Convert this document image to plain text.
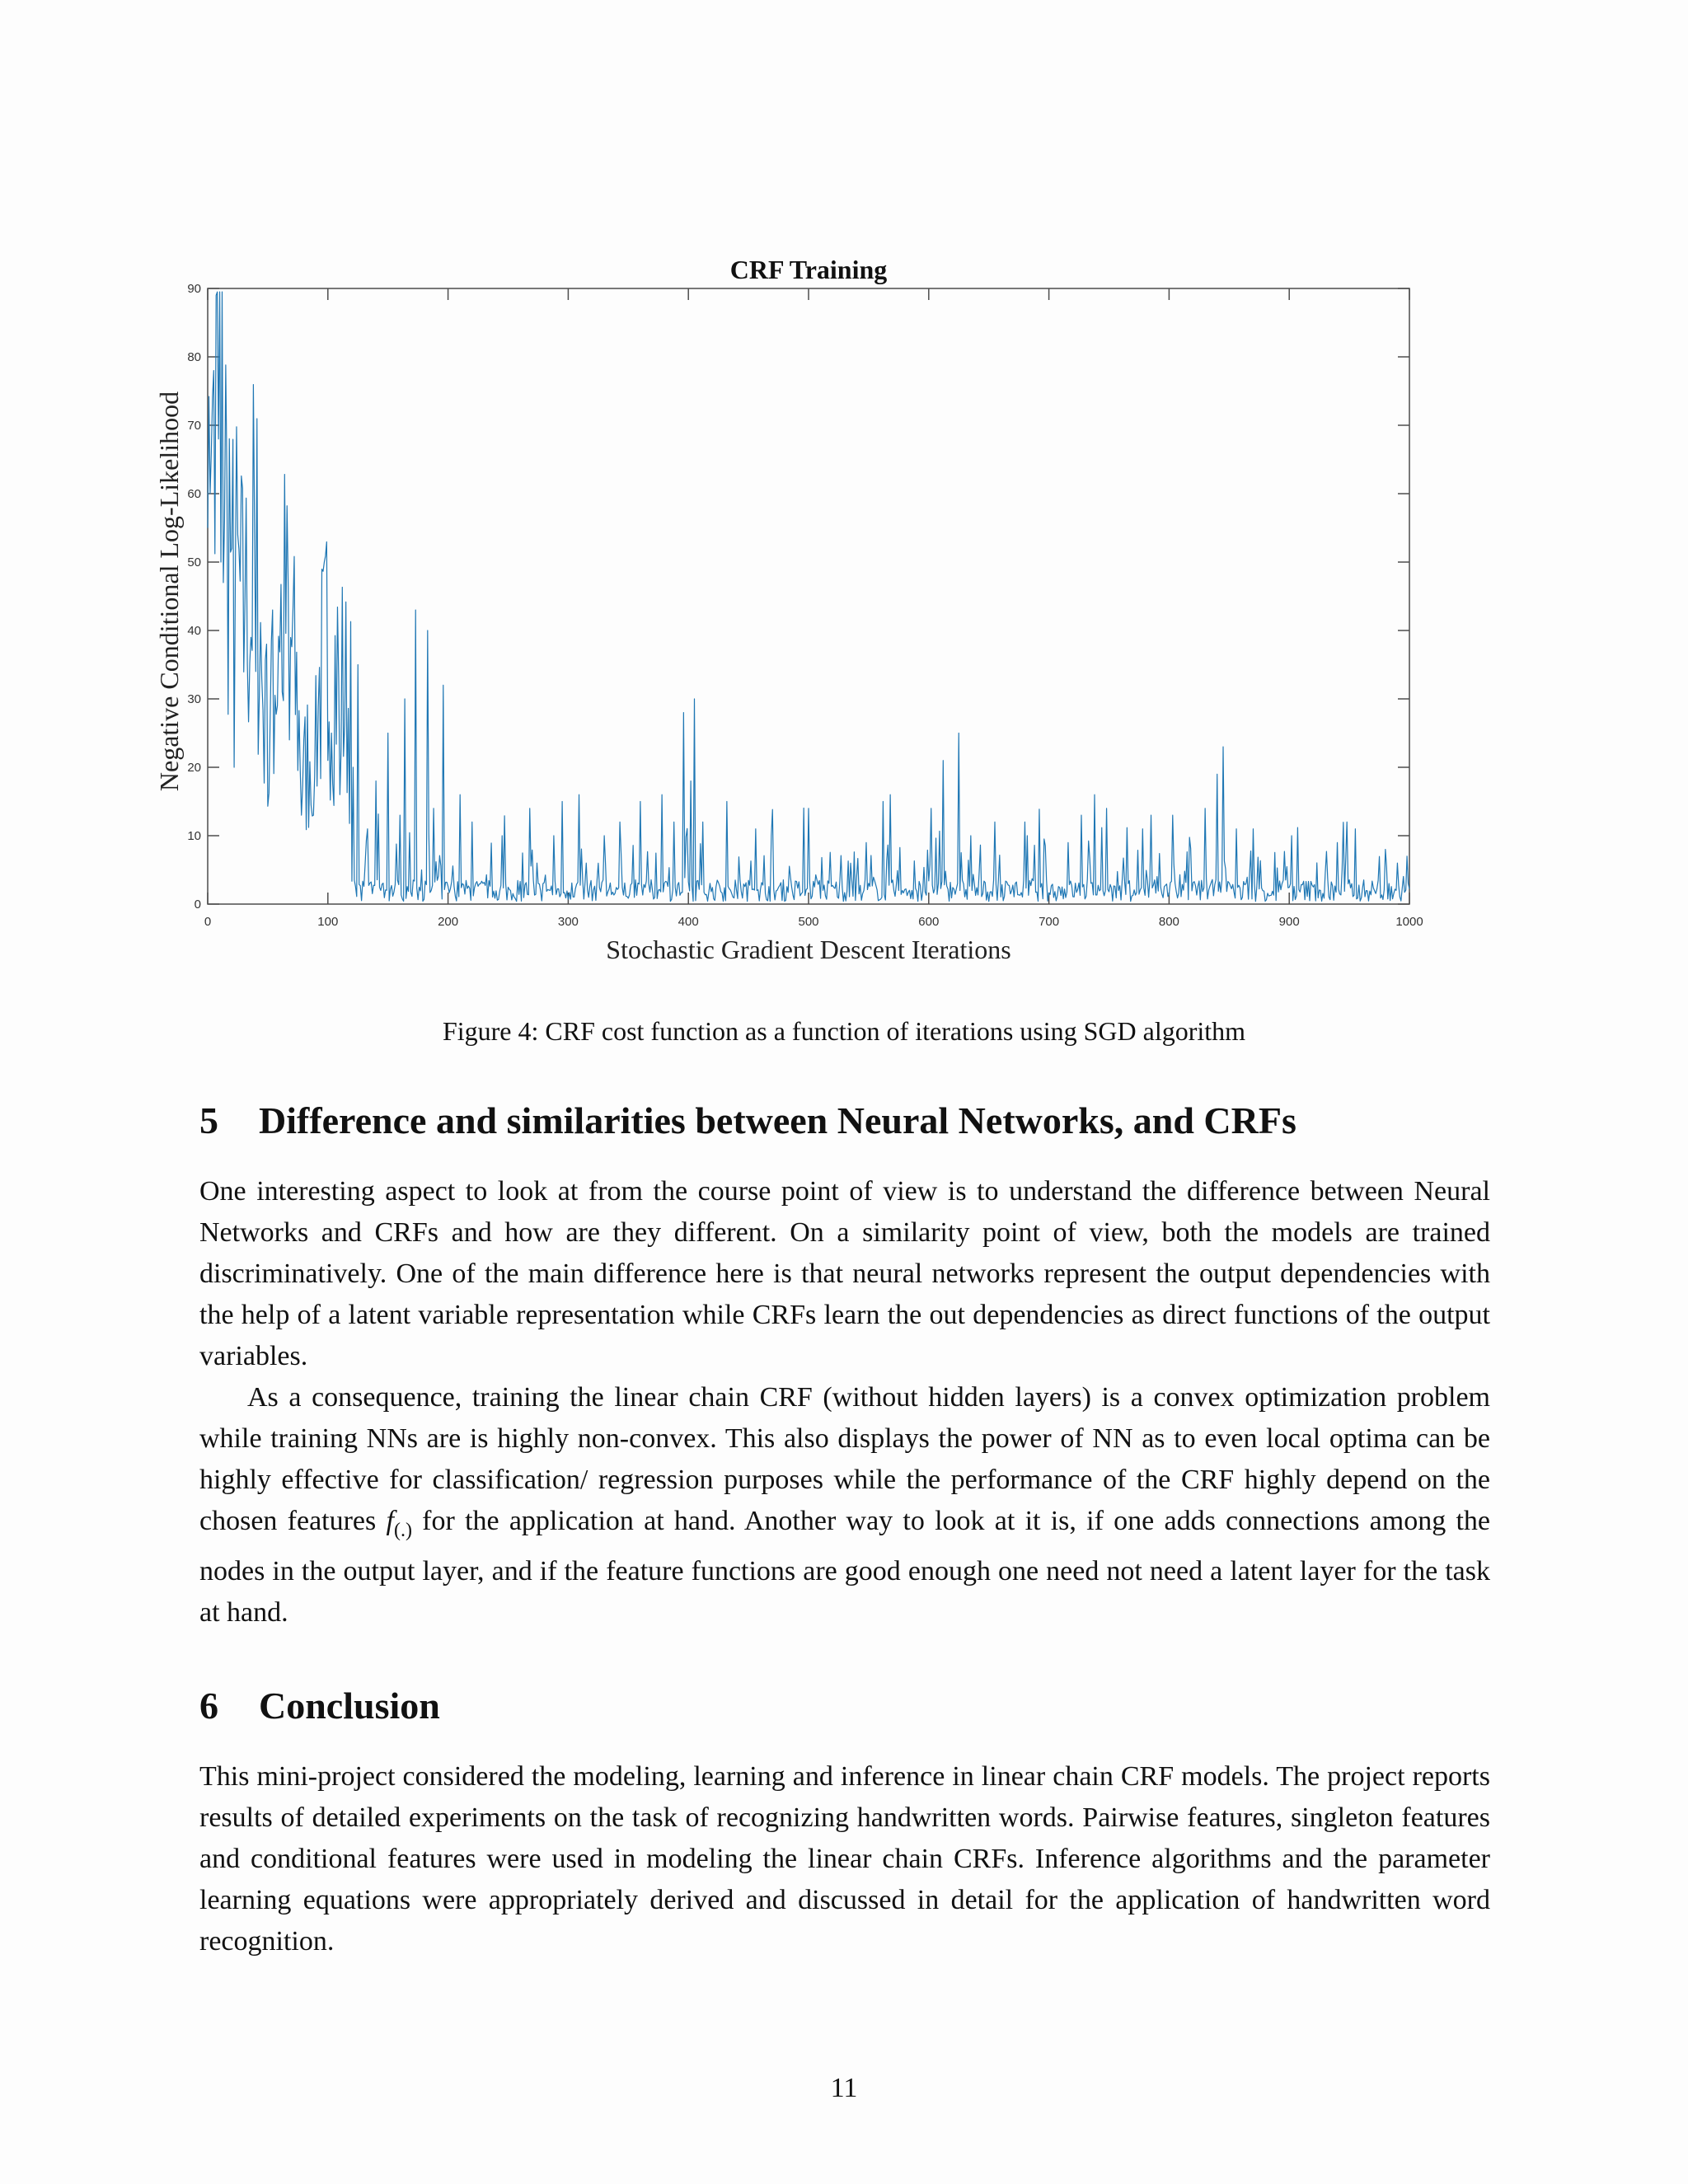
0	100	200	300	400	500	600	700	800	900	1000
0
10
20
30
40
50
60
70
80
90
CRF Training
Stochastic Gradient Descent Iterations
Negative Conditional Log-Likelihood
Figure 4: CRF cost function as a function of iterations using SGD algorithm
5	Difference and similarities between Neural Networks, and CRFs

One interesting aspect to look at from the course point of view is to understand the difference between Neural Networks and CRFs and how are they different. On a similarity point of view, both the models are trained discriminatively. One of the main difference here is that neural networks represent the output dependencies with the help of a latent variable representation while CRFs learn the out dependencies as direct functions of the output variables.

As a consequence, training the linear chain CRF (without hidden layers) is a convex optimization problem while training NNs are is highly non-convex. This also displays the power of NN as to even local optima can be highly effective for classification/ regression purposes while the performance of the CRF highly depend on the chosen features $f_{(.)}$ for the application at hand. Another way to look at it is, if one adds connections among the nodes in the output layer, and if the feature functions are good enough one need not need a latent layer for the task at hand.

6	Conclusion

This mini-project considered the modeling, learning and inference in linear chain CRF models. The project reports results of detailed experiments on the task of recognizing handwritten words. Pairwise features, singleton features and conditional features were used in modeling the linear chain CRFs. Inference algorithms and the parameter learning equations were appropriately derived and discussed in detail for the application of handwritten word recognition.

11
